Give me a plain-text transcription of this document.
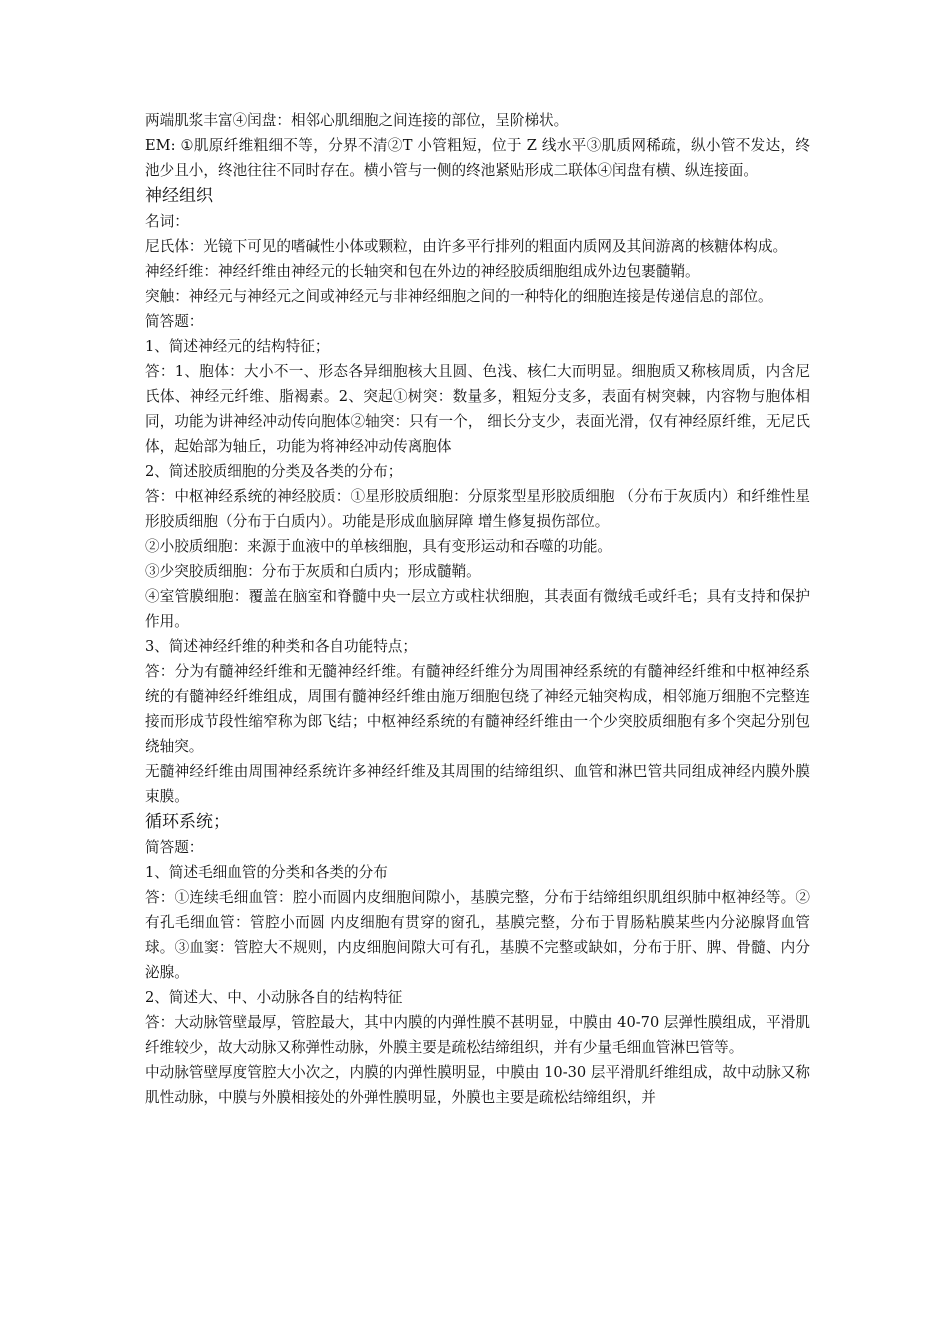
两端肌浆丰富④闰盘：相邻心肌细胞之间连接的部位，呈阶梯状。

EM: ①肌原纤维粗细不等，分界不清②T 小管粗短，位于 Z 线水平③肌质网稀疏，纵小管不发达，终池少且小，终池往往不同时存在。横小管与一侧的终池紧贴形成二联体④闰盘有横、纵连接面。

神经组织

名词：

尼氏体：光镜下可见的嗜碱性小体或颗粒，由许多平行排列的粗面内质网及其间游离的核糖体构成。

神经纤维：神经纤维由神经元的长轴突和包在外边的神经胶质细胞组成外边包裹髓鞘。

突触：神经元与神经元之间或神经元与非神经细胞之间的一种特化的细胞连接是传递信息的部位。

简答题：

1、简述神经元的结构特征；

答：1、胞体：大小不一、形态各异细胞核大且圆、色浅、核仁大而明显。细胞质又称核周质，内含尼氏体、神经元纤维、脂褐素。2、突起①树突：数量多，粗短分支多，表面有树突棘，内容物与胞体相同，功能为讲神经冲动传向胞体②轴突：只有一个， 细长分支少，表面光滑，仅有神经原纤维，无尼氏体，起始部为轴丘，功能为将神经冲动传离胞体

2、简述胶质细胞的分类及各类的分布；

答：中枢神经系统的神经胶质：①星形胶质细胞：分原浆型星形胶质细胞 （分布于灰质内）和纤维性星形胶质细胞（分布于白质内）。功能是形成血脑屏障 增生修复损伤部位。

②小胶质细胞：来源于血液中的单核细胞，具有变形运动和吞噬的功能。

③少突胶质细胞：分布于灰质和白质内；形成髓鞘。

④室管膜细胞：覆盖在脑室和脊髓中央一层立方或柱状细胞，其表面有微绒毛或纤毛；具有支持和保护作用。

3、简述神经纤维的种类和各自功能特点；

答：分为有髓神经纤维和无髓神经纤维。有髓神经纤维分为周围神经系统的有髓神经纤维和中枢神经系统的有髓神经纤维组成，周围有髓神经纤维由施万细胞包绕了神经元轴突构成，相邻施万细胞不完整连接而形成节段性缩窄称为郎飞结；中枢神经系统的有髓神经纤维由一个少突胶质细胞有多个突起分别包绕轴突。

无髓神经纤维由周围神经系统许多神经纤维及其周围的结缔组织、血管和淋巴管共同组成神经内膜外膜束膜。

循环系统；

简答题：

1、简述毛细血管的分类和各类的分布

答：①连续毛细血管：腔小而圆内皮细胞间隙小，基膜完整，分布于结缔组织肌组织肺中枢神经等。②有孔毛细血管：管腔小而圆 内皮细胞有贯穿的窗孔，基膜完整，分布于胃肠粘膜某些内分泌腺肾血管球。③血窦：管腔大不规则，内皮细胞间隙大可有孔，基膜不完整或缺如，分布于肝、脾、骨髓、内分泌腺。

2、简述大、中、小动脉各自的结构特征

答：大动脉管壁最厚，管腔最大，其中内膜的内弹性膜不甚明显，中膜由 40-70 层弹性膜组成，平滑肌纤维较少，故大动脉又称弹性动脉，外膜主要是疏松结缔组织，并有少量毛细血管淋巴管等。

中动脉管壁厚度管腔大小次之，内膜的内弹性膜明显，中膜由 10-30 层平滑肌纤维组成，故中动脉又称肌性动脉，中膜与外膜相接处的外弹性膜明显，外膜也主要是疏松结缔组织，并
